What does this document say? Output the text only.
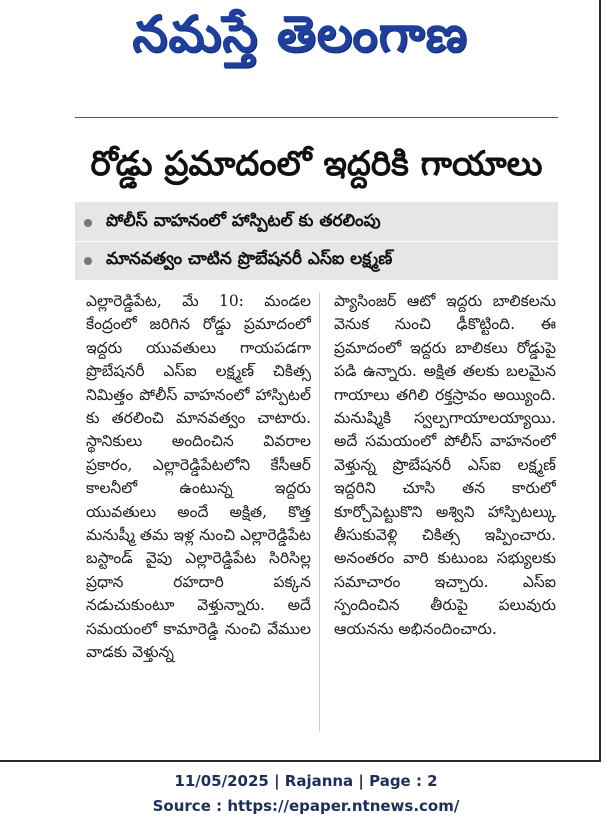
నమస్తే తెలంగాణ
రోడ్డు ప్రమాదంలో ఇద్దరికి గాయాలు
పోలీస్ వాహనంలో హాస్పిటల్ కు తరలింపు
మానవత్వం చాటిన ప్రొబేషనరీ ఎస్ఐ లక్ష్మణ్

ఎల్లారెడ్డిపేట, మే 10: మండల కేంద్రంలో జరిగిన రోడ్డు ప్రమాదంలో ఇద్దరు యువతులు గాయపడగా ప్రొబేషనరీ ఎస్ఐ లక్ష్మణ్ చికిత్స నిమిత్తం పోలీస్ వాహనంలో హాస్పిటల్ కు తరలించి మానవత్వం చాటారు. స్థానికులు అందించిన వివరాల ప్రకారం, ఎల్లారెడ్డిపేటలోని కేసీఆర్ కాలనీలో ఉంటున్న ఇద్దరు యువతులు అందే అక్షిత, కొత్త మనుష్మీ తమ ఇళ్ల నుంచి ఎల్లారెడ్డిపేట బస్టాండ్ వైపు ఎల్లారెడ్డిపేట సిరిసిల్ల ప్రధాన రహదారి పక్కన నడుచుకుంటూ వెళ్తున్నారు. అదే సమయంలో కామారెడ్డి నుంచి వేముల వాడకు వెళ్తున్న

ప్యాసింజర్ ఆటో ఇద్దరు బాలికలను వెనుక నుంచి ఢీకొట్టింది. ఈ ప్రమాదంలో ఇద్దరు బాలికలు రోడ్డుపై పడి ఉన్నారు. అక్షిత తలకు బలమైన గాయాలు తగిలి రక్తస్రావం అయ్యింది. మనుష్మికి స్వల్పగాయాలయ్యాయి. అదే సమయంలో పోలీస్ వాహనంలో వెళ్తున్న ప్రొబేషనరీ ఎస్ఐ లక్ష్మణ్ ఇద్దరిని చూసి తన కారులో కూర్చోపెట్టుకొని అశ్విని హాస్పిటల్కు తీసుకువెళ్లి చికిత్స ఇప్పించారు. అనంతరం వారి కుటుంబ సభ్యులకు సమాచారం ఇచ్చారు. ఎస్ఐ స్పందించిన తీరుపై పలువురు ఆయనను అభినందించారు.

11/05/2025 | Rajanna | Page : 2
Source : https://epaper.ntnews.com/
